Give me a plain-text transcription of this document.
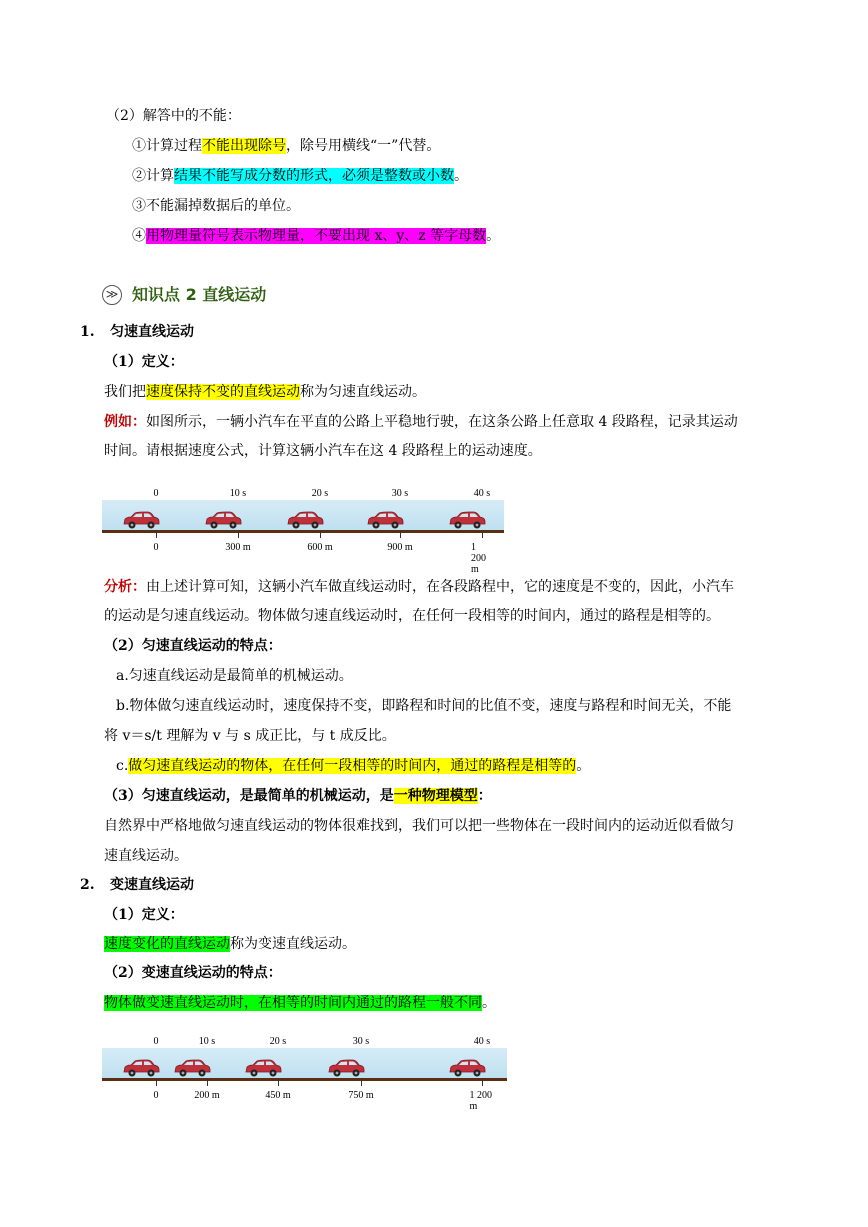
（2）解答中的不能：
①计算过程不能出现除号，除号用横线“一”代替。
②计算结果不能写成分数的形式，必须是整数或小数。
③不能漏掉数据后的单位。
④用物理量符号表示物理量，不要出现 x、y、z 等字母数。
≫ 知识点 2 直线运动
1. 匀速直线运动
（1）定义：
我们把速度保持不变的直线运动称为匀速直线运动。
例如：如图所示，一辆小汽车在平直的公路上平稳地行驶，在这条公路上任意取 4 段路程，记录其运动
时间。请根据速度公式，计算这辆小汽车在这 4 段路程上的运动速度。
0
0
10 s
300 m
20 s
600 m
30 s
900 m
40 s
1 200 m
分析：由上述计算可知，这辆小汽车做直线运动时，在各段路程中，它的速度是不变的，因此，小汽车
的运动是匀速直线运动。物体做匀速直线运动时，在任何一段相等的时间内，通过的路程是相等的。
（2）匀速直线运动的特点：
a.匀速直线运动是最简单的机械运动。
b.物体做匀速直线运动时，速度保持不变，即路程和时间的比值不变，速度与路程和时间无关，不能
将 v＝s/t 理解为 v 与 s 成正比，与 t 成反比。
c.做匀速直线运动的物体，在任何一段相等的时间内，通过的路程是相等的。
（3）匀速直线运动，是最简单的机械运动，是一种物理模型：
自然界中严格地做匀速直线运动的物体很难找到，我们可以把一些物体在一段时间内的运动近似看做匀
速直线运动。
2. 变速直线运动
（1）定义：
速度变化的直线运动称为变速直线运动。
（2）变速直线运动的特点：
物体做变速直线运动时，在相等的时间内通过的路程一般不同。
0
0
10 s
200 m
20 s
450 m
30 s
750 m
40 s
1 200 m
